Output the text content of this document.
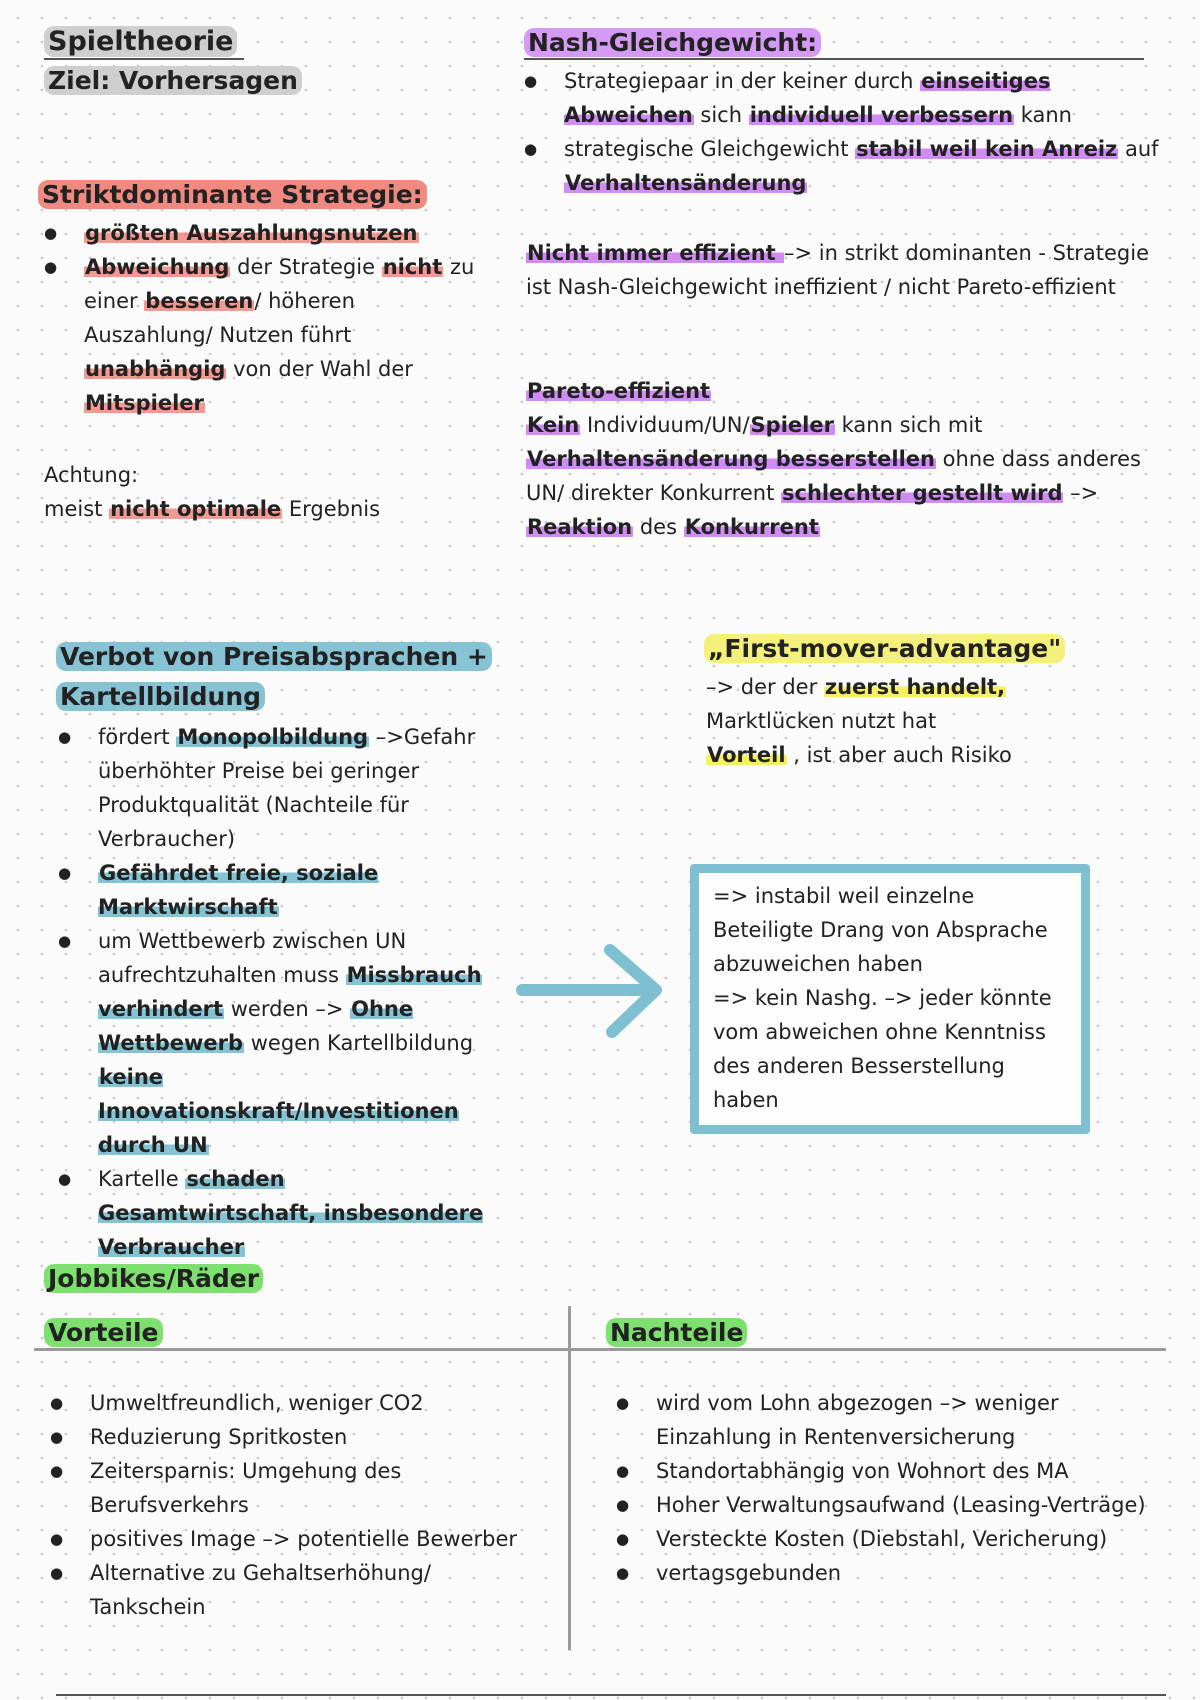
Spieltheorie
Ziel: Vorhersagen
Striktdominante Strategie:
● größten Auszahlungsnutzen
● Abweichung der Strategie nicht zu einer besseren/ höheren Auszahlung/ Nutzen führt unabhängig von der Wahl der Mitspieler
Achtung:
meist nicht optimale Ergebnis
Nash-Gleichgewicht:
● Strategiepaar in der keiner durch einseitiges Abweichen sich individuell verbessern kann
● strategische Gleichgewicht stabil weil kein Anreiz auf Verhaltensänderung
Nicht immer effizient –> in strikt dominanten - Strategie ist Nash-Gleichgewicht ineffizient / nicht Pareto-effizient
Pareto-effizient
Kein Individuum/UN/Spieler kann sich mit Verhaltensänderung besserstellen ohne dass anderes UN/ direkter Konkurrent schlechter gestellt wird –> Reaktion des Konkurrent
Verbot von Preisabsprachen +
Kartellbildung
● fördert Monopolbildung –>Gefahr überhöhter Preise bei geringer Produktqualität (Nachteile für Verbraucher)
● Gefährdet freie, soziale Marktwirschaft
● um Wettbewerb zwischen UN aufrechtzuhalten muss Missbrauch verhindert werden –> Ohne Wettbewerb wegen Kartellbildung keine Innovationskraft/Investitionen durch UN
● Kartelle schaden Gesamtwirtschaft, insbesondere Verbraucher
„First-mover-advantage"
–> der der zuerst handelt,
Marktlücken nutzt hat
Vorteil , ist aber auch Risiko
=> instabil weil einzelne Beteiligte Drang von Absprache abzuweichen haben
=> kein Nashg. –> jeder könnte vom abweichen ohne Kenntniss des anderen Besserstellung haben
Jobbikes/Räder
Vorteile	Nachteile
● Umweltfreundlich, weniger CO2
● Reduzierung Spritkosten
● Zeitersparnis: Umgehung des Berufsverkehrs
● positives Image –> potentielle Bewerber
● Alternative zu Gehaltserhöhung/ Tankschein
● wird vom Lohn abgezogen –> weniger Einzahlung in Rentenversicherung
● Standortabhängig von Wohnort des MA
● Hoher Verwaltungsaufwand (Leasing-Verträge)
● Versteckte Kosten (Diebstahl, Vericherung)
● vertagsgebunden
